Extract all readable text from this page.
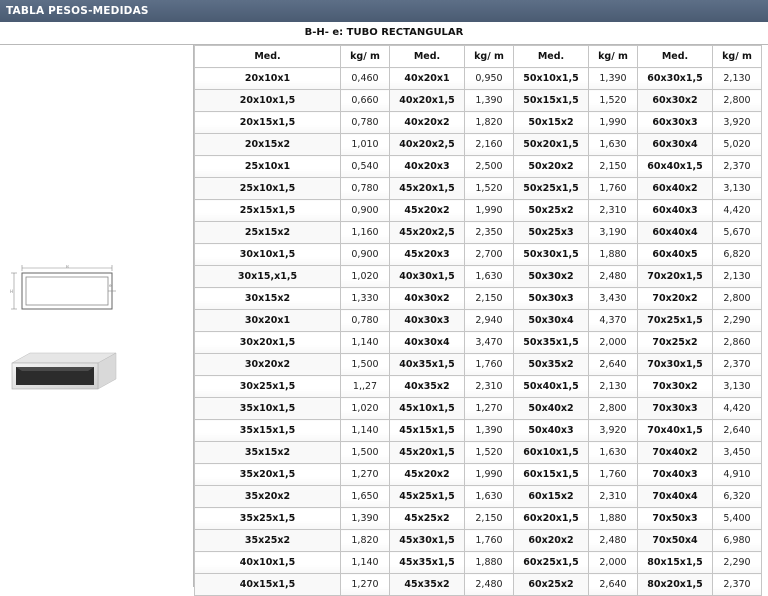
TABLA PESOS-MEDIDAS
B-H- e: TUBO RECTANGULAR
B
H
e
Med.	kg/ m	Med.	kg/ m	Med.	kg/ m	Med.	kg/ m
20x10x1	0,460	40x20x1	0,950	50x10x1,5	1,390	60x30x1,5	2,130
20x10x1,5	0,660	40x20x1,5	1,390	50x15x1,5	1,520	60x30x2	2,800
20x15x1,5	0,780	40x20x2	1,820	50x15x2	1,990	60x30x3	3,920
20x15x2	1,010	40x20x2,5	2,160	50x20x1,5	1,630	60x30x4	5,020
25x10x1	0,540	40x20x3	2,500	50x20x2	2,150	60x40x1,5	2,370
25x10x1,5	0,780	45x20x1,5	1,520	50x25x1,5	1,760	60x40x2	3,130
25x15x1,5	0,900	45x20x2	1,990	50x25x2	2,310	60x40x3	4,420
25x15x2	1,160	45x20x2,5	2,350	50x25x3	3,190	60x40x4	5,670
30x10x1,5	0,900	45x20x3	2,700	50x30x1,5	1,880	60x40x5	6,820
30x15,x1,5	1,020	40x30x1,5	1,630	50x30x2	2,480	70x20x1,5	2,130
30x15x2	1,330	40x30x2	2,150	50x30x3	3,430	70x20x2	2,800
30x20x1	0,780	40x30x3	2,940	50x30x4	4,370	70x25x1,5	2,290
30x20x1,5	1,140	40x30x4	3,470	50x35x1,5	2,000	70x25x2	2,860
30x20x2	1,500	40x35x1,5	1,760	50x35x2	2,640	70x30x1,5	2,370
30x25x1,5	1,,27	40x35x2	2,310	50x40x1,5	2,130	70x30x2	3,130
35x10x1,5	1,020	45x10x1,5	1,270	50x40x2	2,800	70x30x3	4,420
35x15x1,5	1,140	45x15x1,5	1,390	50x40x3	3,920	70x40x1,5	2,640
35x15x2	1,500	45x20x1,5	1,520	60x10x1,5	1,630	70x40x2	3,450
35x20x1,5	1,270	45x20x2	1,990	60x15x1,5	1,760	70x40x3	4,910
35x20x2	1,650	45x25x1,5	1,630	60x15x2	2,310	70x40x4	6,320
35x25x1,5	1,390	45x25x2	2,150	60x20x1,5	1,880	70x50x3	5,400
35x25x2	1,820	45x30x1,5	1,760	60x20x2	2,480	70x50x4	6,980
40x10x1,5	1,140	45x35x1,5	1,880	60x25x1,5	2,000	80x15x1,5	2,290
40x15x1,5	1,270	45x35x2	2,480	60x25x2	2,640	80x20x1,5	2,370
